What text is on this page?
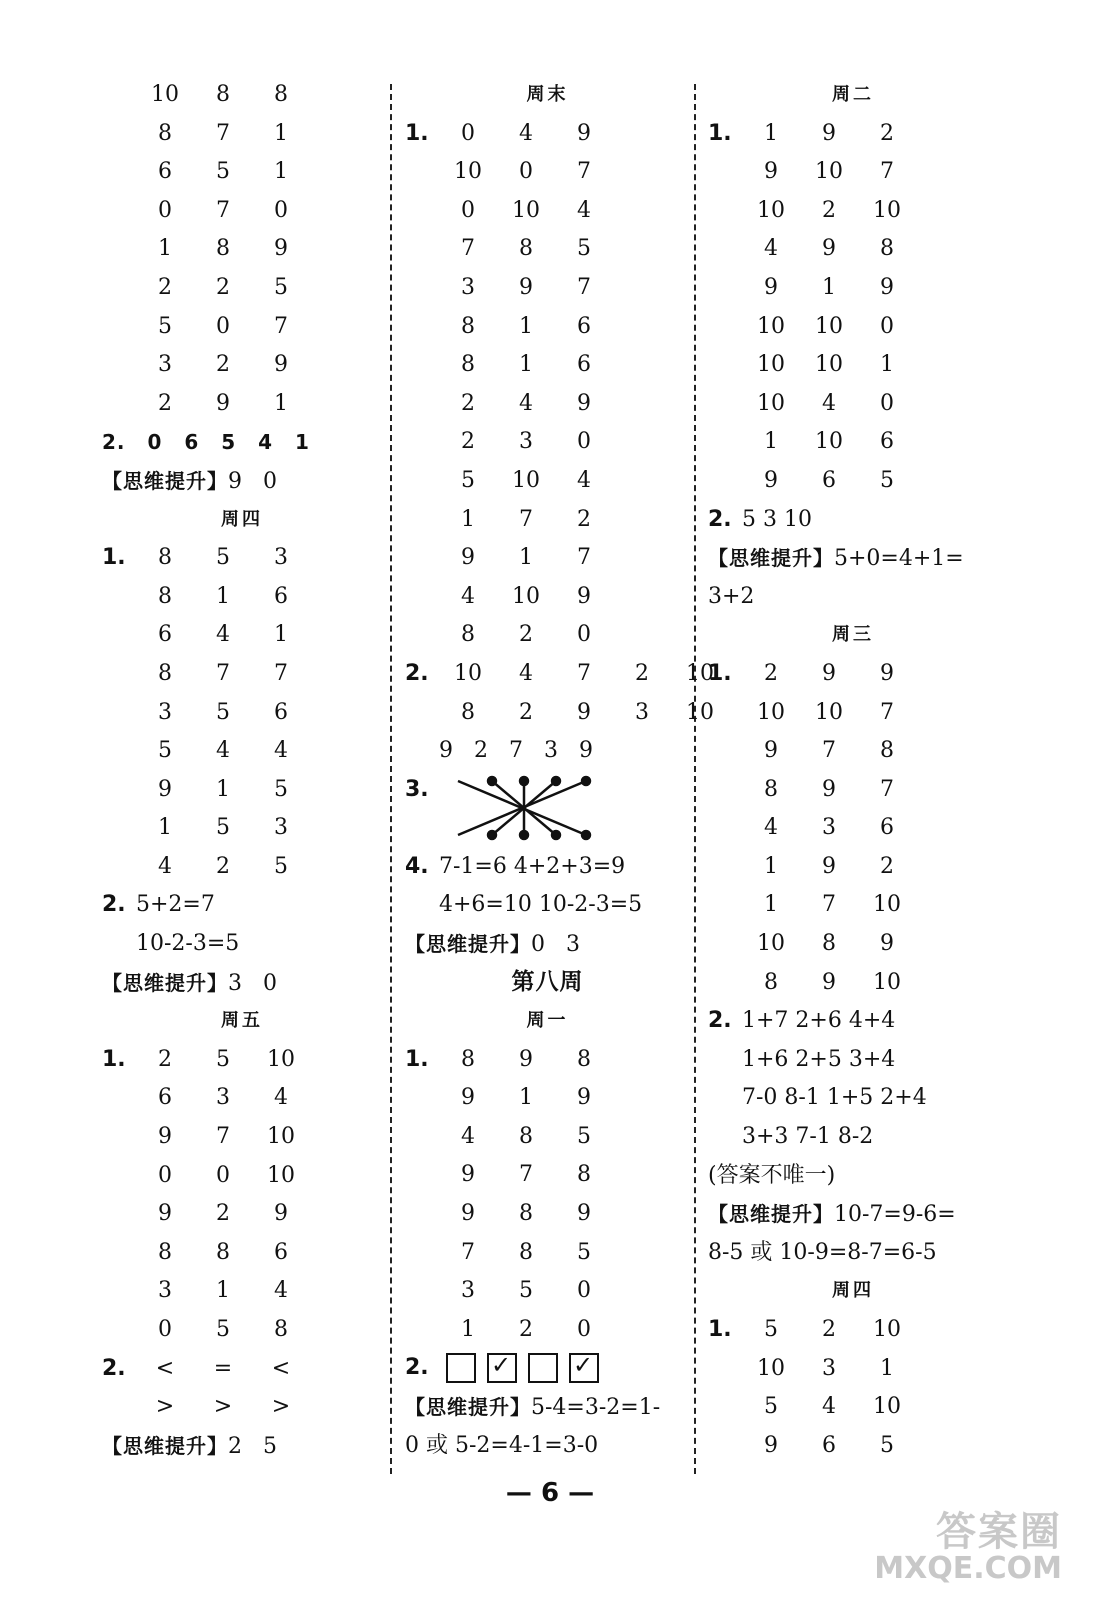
10 8 8
8 7 1
6 5 1
0 7 0
1 8 9
2 2 5
5 0 7
3 2 9
2 9 1
2. 0 6 5 4 1
【思维提升】9 0
周四
1. 8 5 3
8 1 6
6 4 1
8 7 7
3 5 6
5 4 4
9 1 5
1 5 3
4 2 5
2. 5+2=7
10-2-3=5
【思维提升】3 0
周五
1. 2 5 10
6 3 4
9 7 10
0 0 10
9 2 9
8 8 6
3 1 4
0 5 8
2. < = <
> > >
【思维提升】2 5
周末
1. 0 4 9
10 0 7
0 10 4
7 8 5
3 9 7
8 1 6
8 1 6
2 4 9
2 3 0
5 10 4
1 7 2
9 1 7
4 10 9
8 2 0
2. 10 4 7 2 10
8 2 9 3 10
9 2 7 3 9
3.
4. 7-1=6 4+2+3=9
4+6=10 10-2-3=5
【思维提升】0 3
第八周
周一
1. 8 9 8
9 1 9
4 8 5
9 7 8
9 8 9
7 8 5
3 5 0
1 2 0
2.	✓
	✓
【思维提升】5-4=3-2=1-
0 或 5-2=4-1=3-0
周二
1. 1 9 2
9 10 7
10 2 10
4 9 8
9 1 9
10 10 0
10 10 1
10 4 0
1 10 6
9 6 5
2. 5 3 10
【思维提升】5+0=4+1=
3+2
周三
1. 2 9 9
10 10 7
9 7 8
8 9 7
4 3 6
1 9 2
1 7 10
10 8 9
8 9 10
2. 1+7 2+6 4+4
1+6 2+5 3+4
7-0 8-1 1+5 2+4
3+3 7-1 8-2
(答案不唯一)
【思维提升】10-7=9-6=
8-5 或 10-9=8-7=6-5
周四
1. 5 2 10
10 3 1
5 4 10
9 6 5
— 6 —
答案圈
MXQE.COM
